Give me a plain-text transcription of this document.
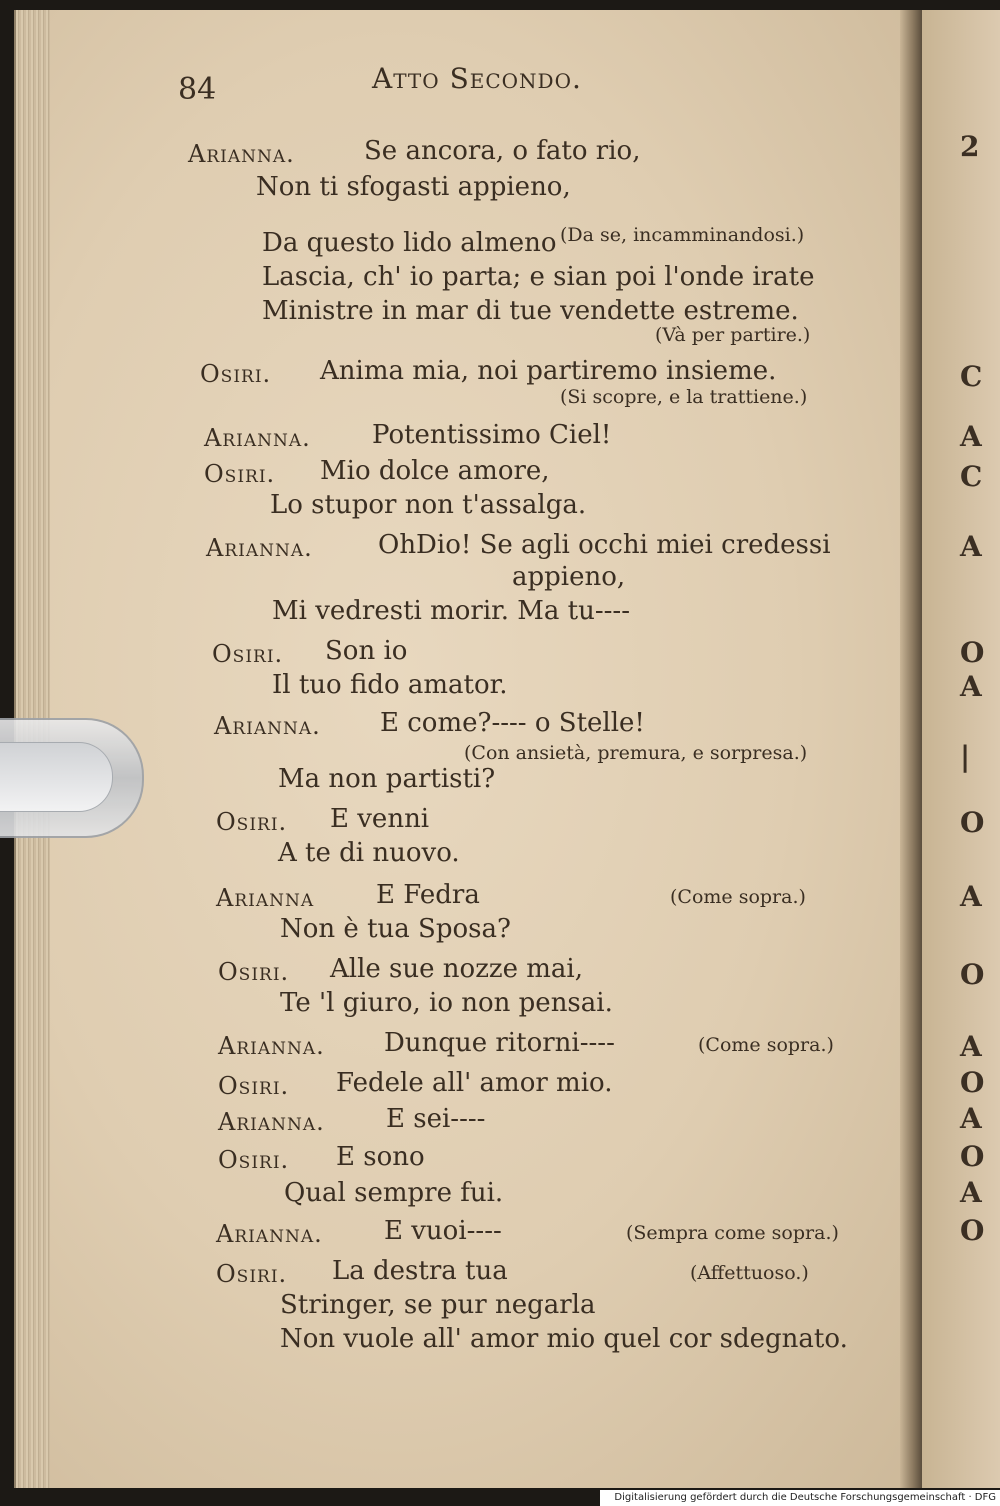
2
C
A
C
A
O
A
|
O
A
O
A
O
A
O
A
O
84	Atto Secondo.
Arianna.	Se ancora, o fato rio,
Non ti sfogasti appieno,
(Da se, incamminandosi.)
Da questo lido almeno
Lascia, ch' io parta; e sian poi l'onde irate
Ministre in mar di tue vendette estreme.
(Và per partire.)
Osiri. Anima mia, noi partiremo insieme.
(Si scopre, e la trattiene.)
Arianna. Potentissimo Ciel!
Osiri. Mio dolce amore,
Lo stupor non t'assalga.
Arianna.	OhDio! Se agli occhi miei credessi
appieno,
Mi vedresti morir. Ma tu----
Osiri. Son io
Il tuo fido amator.
Arianna. E come?---- o Stelle!
(Con ansietà, premura, e sorpresa.)
Ma non partisti?
Osiri. E venni
A te di nuovo.
Arianna E Fedra	(Come sopra.)
Non è tua Sposa?
Osiri. Alle sue nozze mai,
Te 'l giuro, io non pensai.
Arianna. Dunque ritorni----	(Come sopra.)
Osiri. Fedele all' amor mio.
Arianna. E sei----
Osiri. E sono
Qual sempre fui.
Arianna. E vuoi----	(Sempra come sopra.)
Osiri. La destra tua	(Affettuoso.)
Stringer, se pur negarla
Non vuole all' amor mio quel cor sdegnato.
Digitalisierung gefördert durch die Deutsche Forschungsgemeinschaft · DFG
